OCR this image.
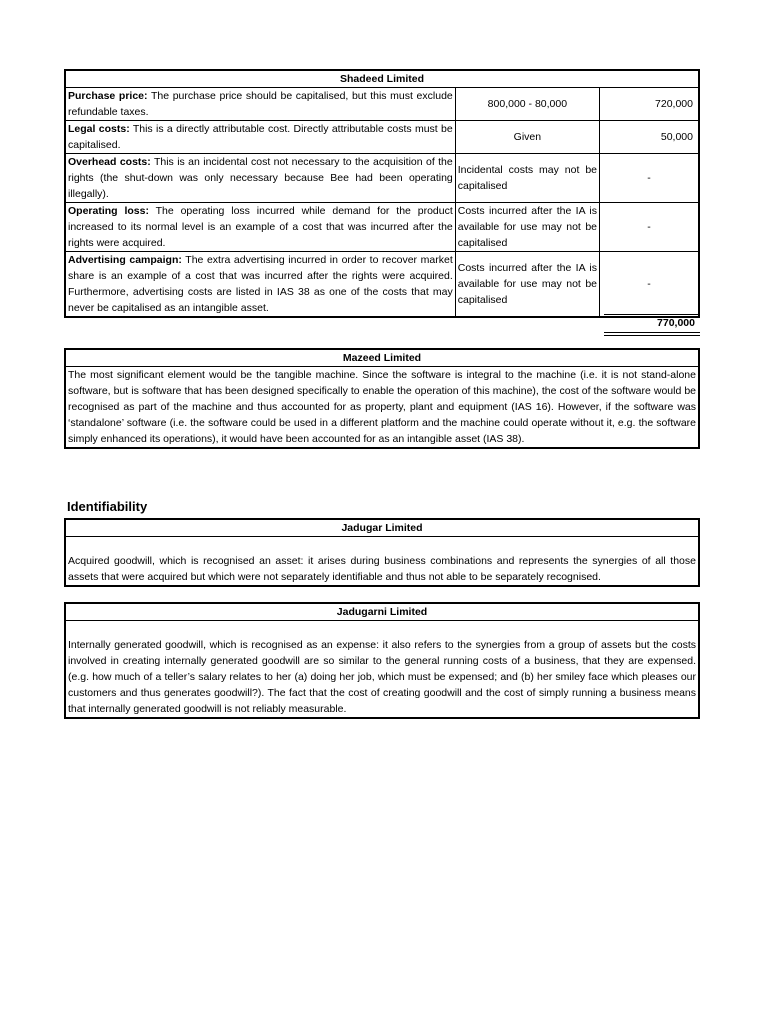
Shadeed Limited		
Purchase price: The purchase price should be capitalised, but this must exclude refundable taxes.	800,000 - 80,000	720,000
Legal costs: This is a directly attributable cost. Directly attributable costs must be capitalised.	Given	50,000
Overhead costs: This is an incidental cost not necessary to the acquisition of the rights (the shut-down was only necessary because Bee had been operating illegally).	Incidental costs may not be capitalised	-
Operating loss: The operating loss incurred while demand for the product increased to its normal level is an example of a cost that was incurred after the rights were acquired.	Costs incurred after the IA is available for use may not be capitalised	-
Advertising campaign: The extra advertising incurred in order to recover market share is an example of a cost that was incurred after the rights were acquired. Furthermore, advertising costs are listed in IAS 38 as one of the costs that may never be capitalised as an intangible asset.	Costs incurred after the IA is available for use may not be capitalised	-
770,000
Mazeed Limited
The most significant element would be the tangible machine. Since the software is integral to the machine (i.e. it is not stand-alone software, but is software that has been designed specifically to enable the operation of this machine), the cost of the software would be recognised as part of the machine and thus accounted for as property, plant and equipment (IAS 16). However, if the software was ‘standalone’ software (i.e. the software could be used in a different platform and the machine could operate without it, e.g. the software simply enhanced its operations), it would have been accounted for as an intangible asset (IAS 38).
Identifiability
Jadugar Limited
Acquired goodwill, which is recognised an asset: it arises during business combinations and represents the synergies of all those assets that were acquired but which were not separately identifiable and thus not able to be separately recognised.
Jadugarni Limited
Internally generated goodwill, which is recognised as an expense: it also refers to the synergies from a group of assets but the costs involved in creating internally generated goodwill are so similar to the general running costs of a business, that they are expensed. (e.g. how much of a teller’s salary relates to her (a) doing her job, which must be expensed; and (b) her smiley face which pleases our customers and thus generates goodwill?). The fact that the cost of creating goodwill and the cost of simply running a business means that internally generated goodwill is not reliably measurable.
